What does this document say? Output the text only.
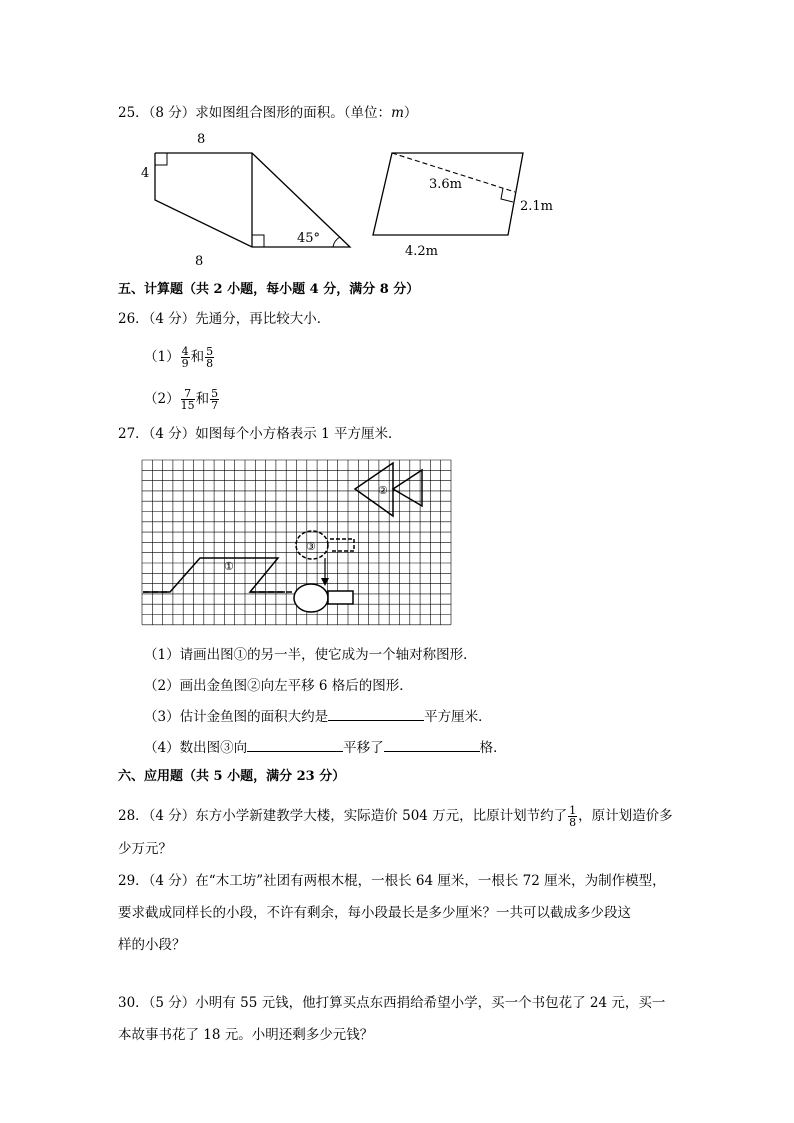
25．（8 分）求如图组合图形的面积。（单位：m）
8
4
45°
8
3.6m
2.1m
4.2m
五、计算题（共 2 小题，每小题 4 分，满分 8 分）
26．（4 分）先通分，再比较大小．
$(1) \frac{4}{9}$ 和 $\frac{5}{8}$
$(2) \frac{7}{15}$ 和 $\frac{5}{7}$
27．（4 分）如图每个小方格表示 1 平方厘米．
②
①
③
（1）请画出图①的另一半，使它成为一个轴对称图形．
（2）画出金鱼图②向左平移 6 格后的图形．
（3）估计金鱼图的面积大约是	平方厘米．
（4）数出图③向	平移了	格．
六、应用题（共 5 小题，满分 23 分）
28．（4 分）东方小学新建教学大楼，实际造价 504 万元，比原计划节约了 $\frac{1}{8}$ ，原计划造价多
少万元？
29．（4 分）在“木工坊”社团有两根木棍，一根长 64 厘米，一根长 72 厘米，为制作模型，
要求截成同样长的小段，不许有剩余，每小段最长是多少厘米？一共可以截成多少段这
样的小段？
30．（5 分）小明有 55 元钱，他打算买点东西捐给希望小学，买一个书包花了 24 元，买一
本故事书花了 18 元。小明还剩多少元钱？
